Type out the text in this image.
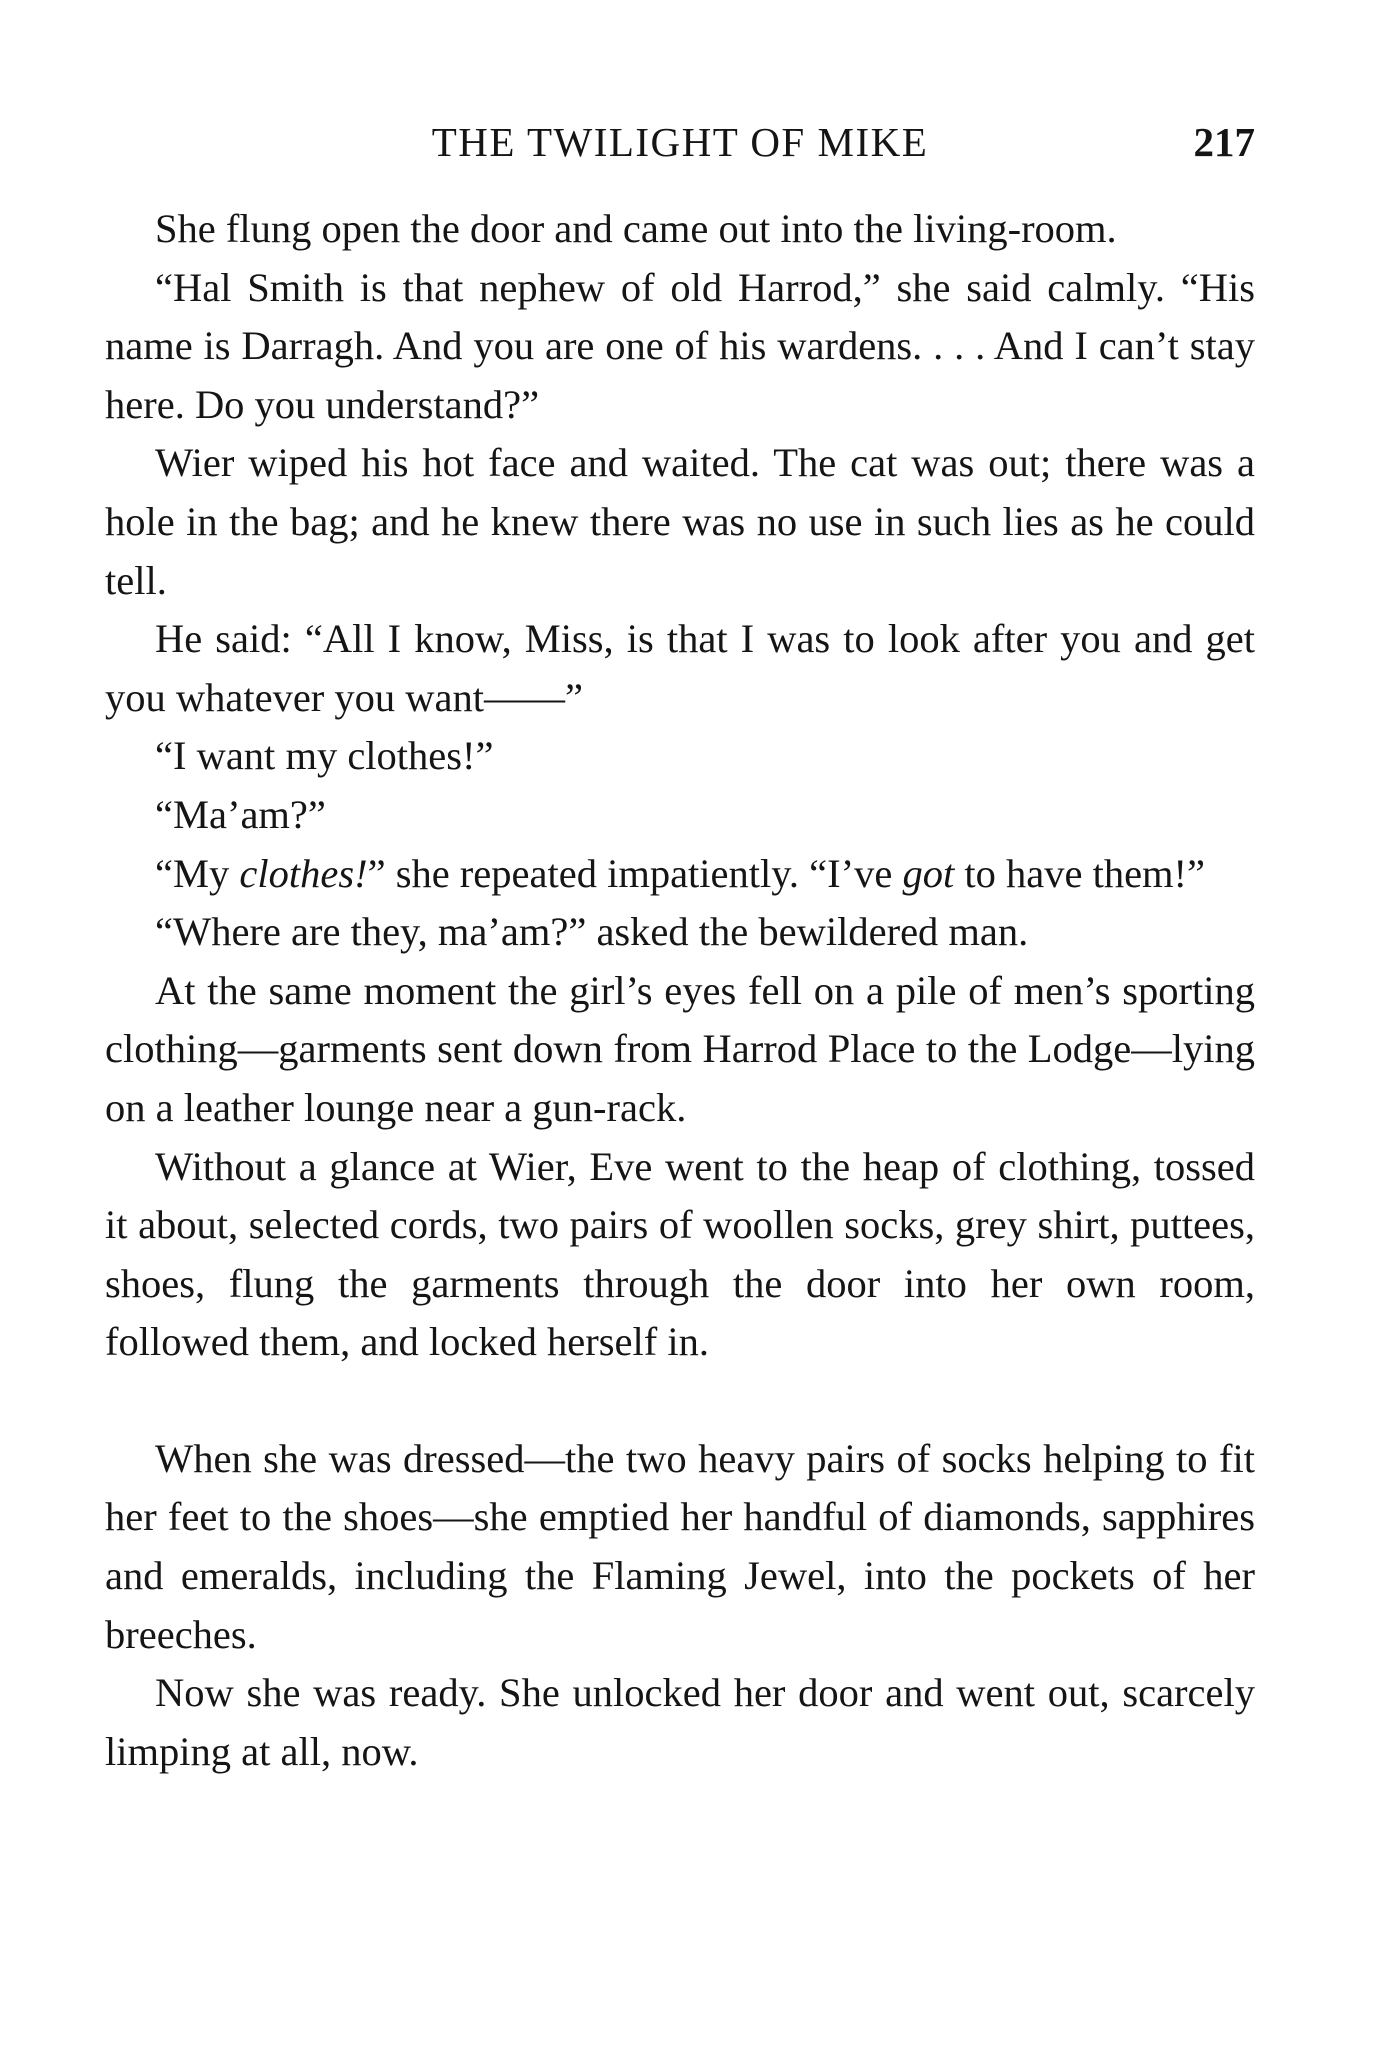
THE TWILIGHT OF MIKE	217

She flung open the door and came out into the living-room.

“Hal Smith is that nephew of old Harrod,” she said calmly. “His name is Darragh. And you are one of his wardens. . . . And I can’t stay here. Do you understand?”

Wier wiped his hot face and waited. The cat was out; there was a hole in the bag; and he knew there was no use in such lies as he could tell.

He said: “All I know, Miss, is that I was to look after you and get you whatever you want——”

“I want my clothes!”

“Ma’am?”

“My clothes!” she repeated impatiently. “I’ve got to have them!”

“Where are they, ma’am?” asked the bewildered man.

At the same moment the girl’s eyes fell on a pile of men’s sporting clothing—garments sent down from Harrod Place to the Lodge—lying on a leather lounge near a gun-rack.

Without a glance at Wier, Eve went to the heap of clothing, tossed it about, selected cords, two pairs of woollen socks, grey shirt, puttees, shoes, flung the garments through the door into her own room, followed them, and locked herself in.

When she was dressed—the two heavy pairs of socks helping to fit her feet to the shoes—she emptied her handful of diamonds, sapphires and emeralds, including the Flaming Jewel, into the pockets of her breeches.

Now she was ready. She unlocked her door and went out, scarcely limping at all, now.
